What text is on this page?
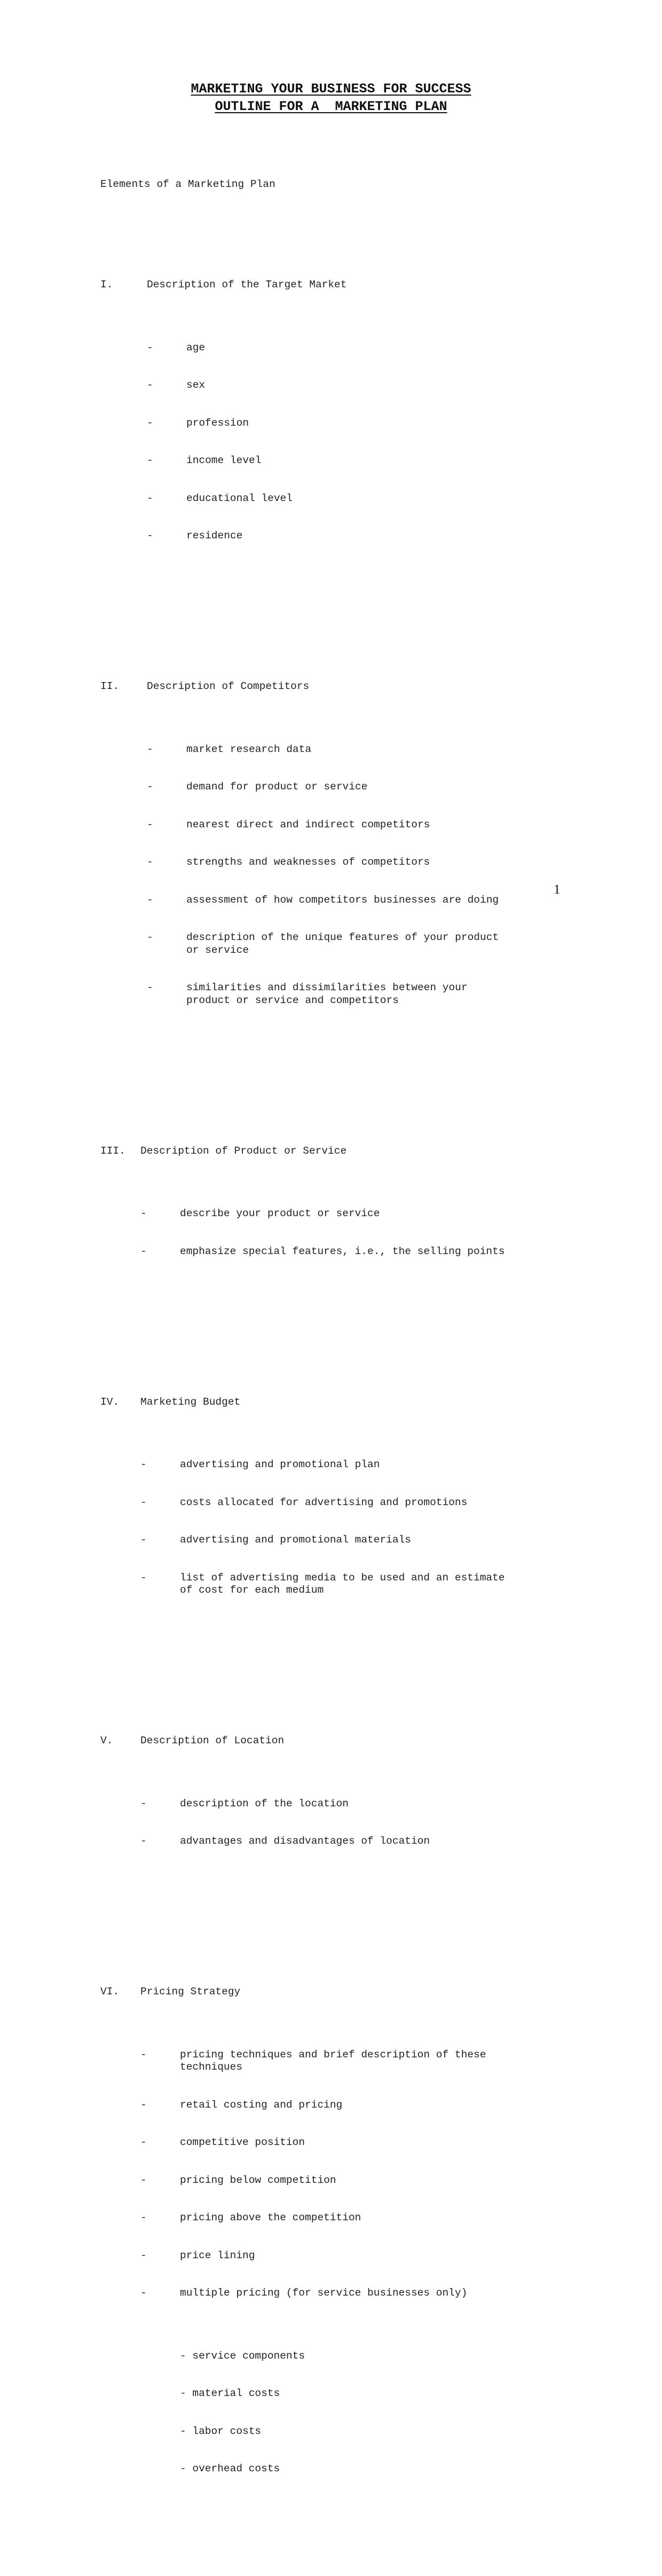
MARKETING YOUR BUSINESS FOR SUCCESS
OUTLINE FOR A  MARKETING PLAN

Elements of a Marketing Plan

I.	Description of the Target Market

-	age

-	sex

-	profession

-	income level

-	educational level

-	residence

II.	Description of Competitors

-	market research data

-	demand for product or service

-	nearest direct and indirect competitors

-	strengths and weaknesses of competitors

-	assessment of how competitors businesses are doing

-	description of the unique features of your product
or service

-	similarities and dissimilarities between your
product or service and competitors

III.	Description of Product or Service

-	describe your product or service

-	emphasize special features, i.e., the selling points

IV.	Marketing Budget

-	advertising and promotional plan

-	costs allocated for advertising and promotions

-	advertising and promotional materials

-	list of advertising media to be used and an estimate
of cost for each medium

V.	Description of Location

-	description of the location

-	advantages and disadvantages of location

VI.	Pricing Strategy

-	pricing techniques and brief description of these
techniques

-	retail costing and pricing

-	competitive position

-	pricing below competition

-	pricing above the competition

-	price lining

-	multiple pricing (for service businesses only)

- service components

- material costs

- labor costs

- overhead costs

1
